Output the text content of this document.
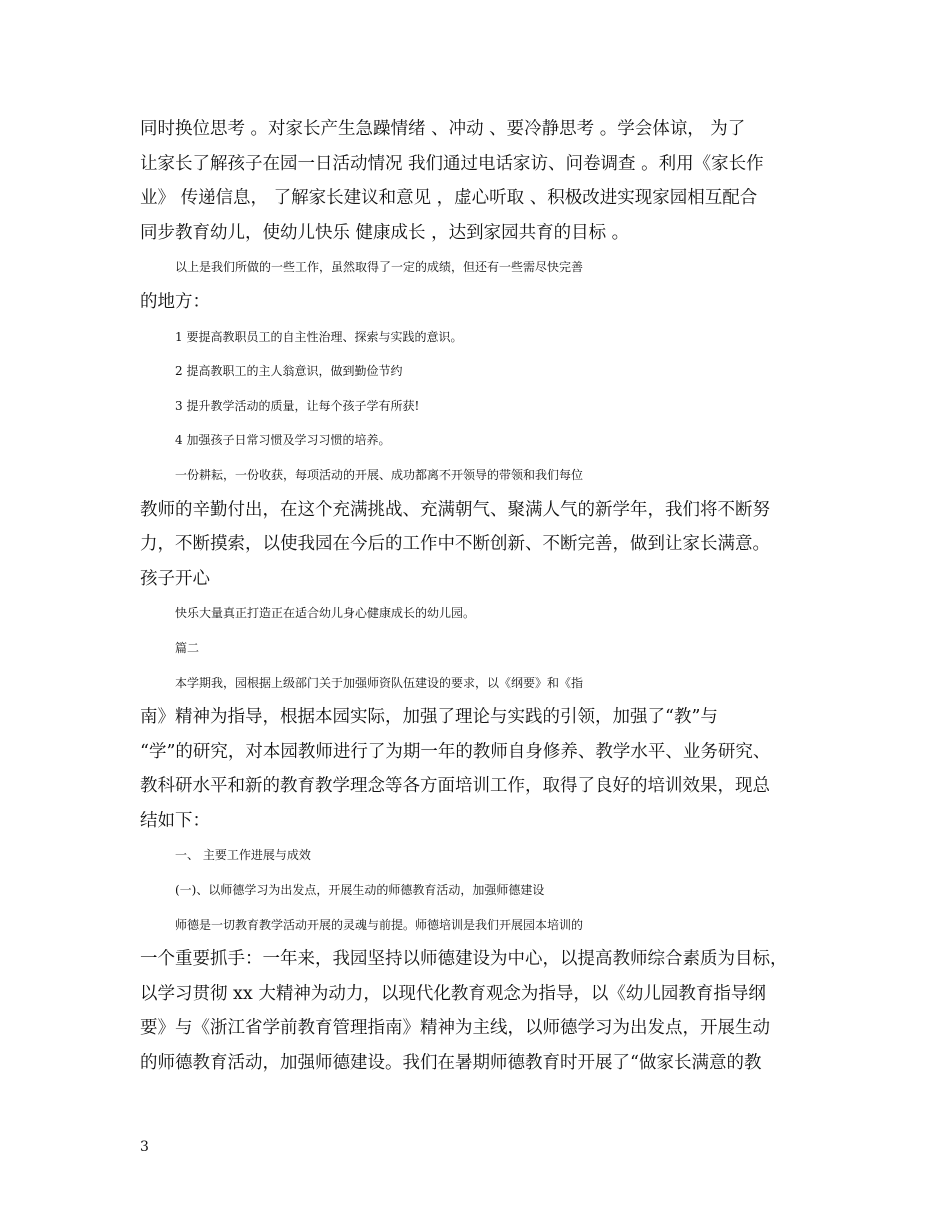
同时换位思考 。对家长产生急躁情绪 、冲动 、要冷静思考 。学会体谅， 为了

让家长了解孩子在园一日活动情况 我们通过电话家访、问卷调查 。利用《家长作

业》 传递信息， 了解家长建议和意见 ，虚心听取 、积极改进实现家园相互配合

同步教育幼儿，使幼儿快乐 健康成长 ，达到家园共育的目标 。

以上是我们所做的一些工作，虽然取得了一定的成绩，但还有一些需尽快完善

的地方：

1 要提高教职员工的自主性治理、探索与实践的意识。

2 提高教职工的主人翁意识，做到勤俭节约

3 提升教学活动的质量，让每个孩子学有所获!

4 加强孩子日常习惯及学习习惯的培养。

一份耕耘，一份收获，每项活动的开展、成功都离不开领导的带领和我们每位

教师的辛勤付出，在这个充满挑战、充满朝气、聚满人气的新学年，我们将不断努

力，不断摸索，以使我园在今后的工作中不断创新、不断完善，做到让家长满意。

孩子开心

快乐大量真正打造正在适合幼儿身心健康成长的幼儿园。

篇二

本学期我，园根据上级部门关于加强师资队伍建设的要求，以《纲要》和《指

南》精神为指导，根据本园实际，加强了理论与实践的引领，加强了“教”与

“学”的研究，对本园教师进行了为期一年的教师自身修养、教学水平、业务研究、

教科研水平和新的教育教学理念等各方面培训工作，取得了良好的培训效果，现总

结如下：

一、 主要工作进展与成效

(一)、以师德学习为出发点，开展生动的师德教育活动，加强师德建设

师德是一切教育教学活动开展的灵魂与前提。师德培训是我们开展园本培训的

一个重要抓手：一年来，我园坚持以师德建设为中心，以提高教师综合素质为目标，

以学习贯彻 xx 大精神为动力，以现代化教育观念为指导，以《幼儿园教育指导纲

要》与《浙江省学前教育管理指南》精神为主线，以师德学习为出发点，开展生动

的师德教育活动，加强师德建设。我们在暑期师德教育时开展了“做家长满意的教

3
